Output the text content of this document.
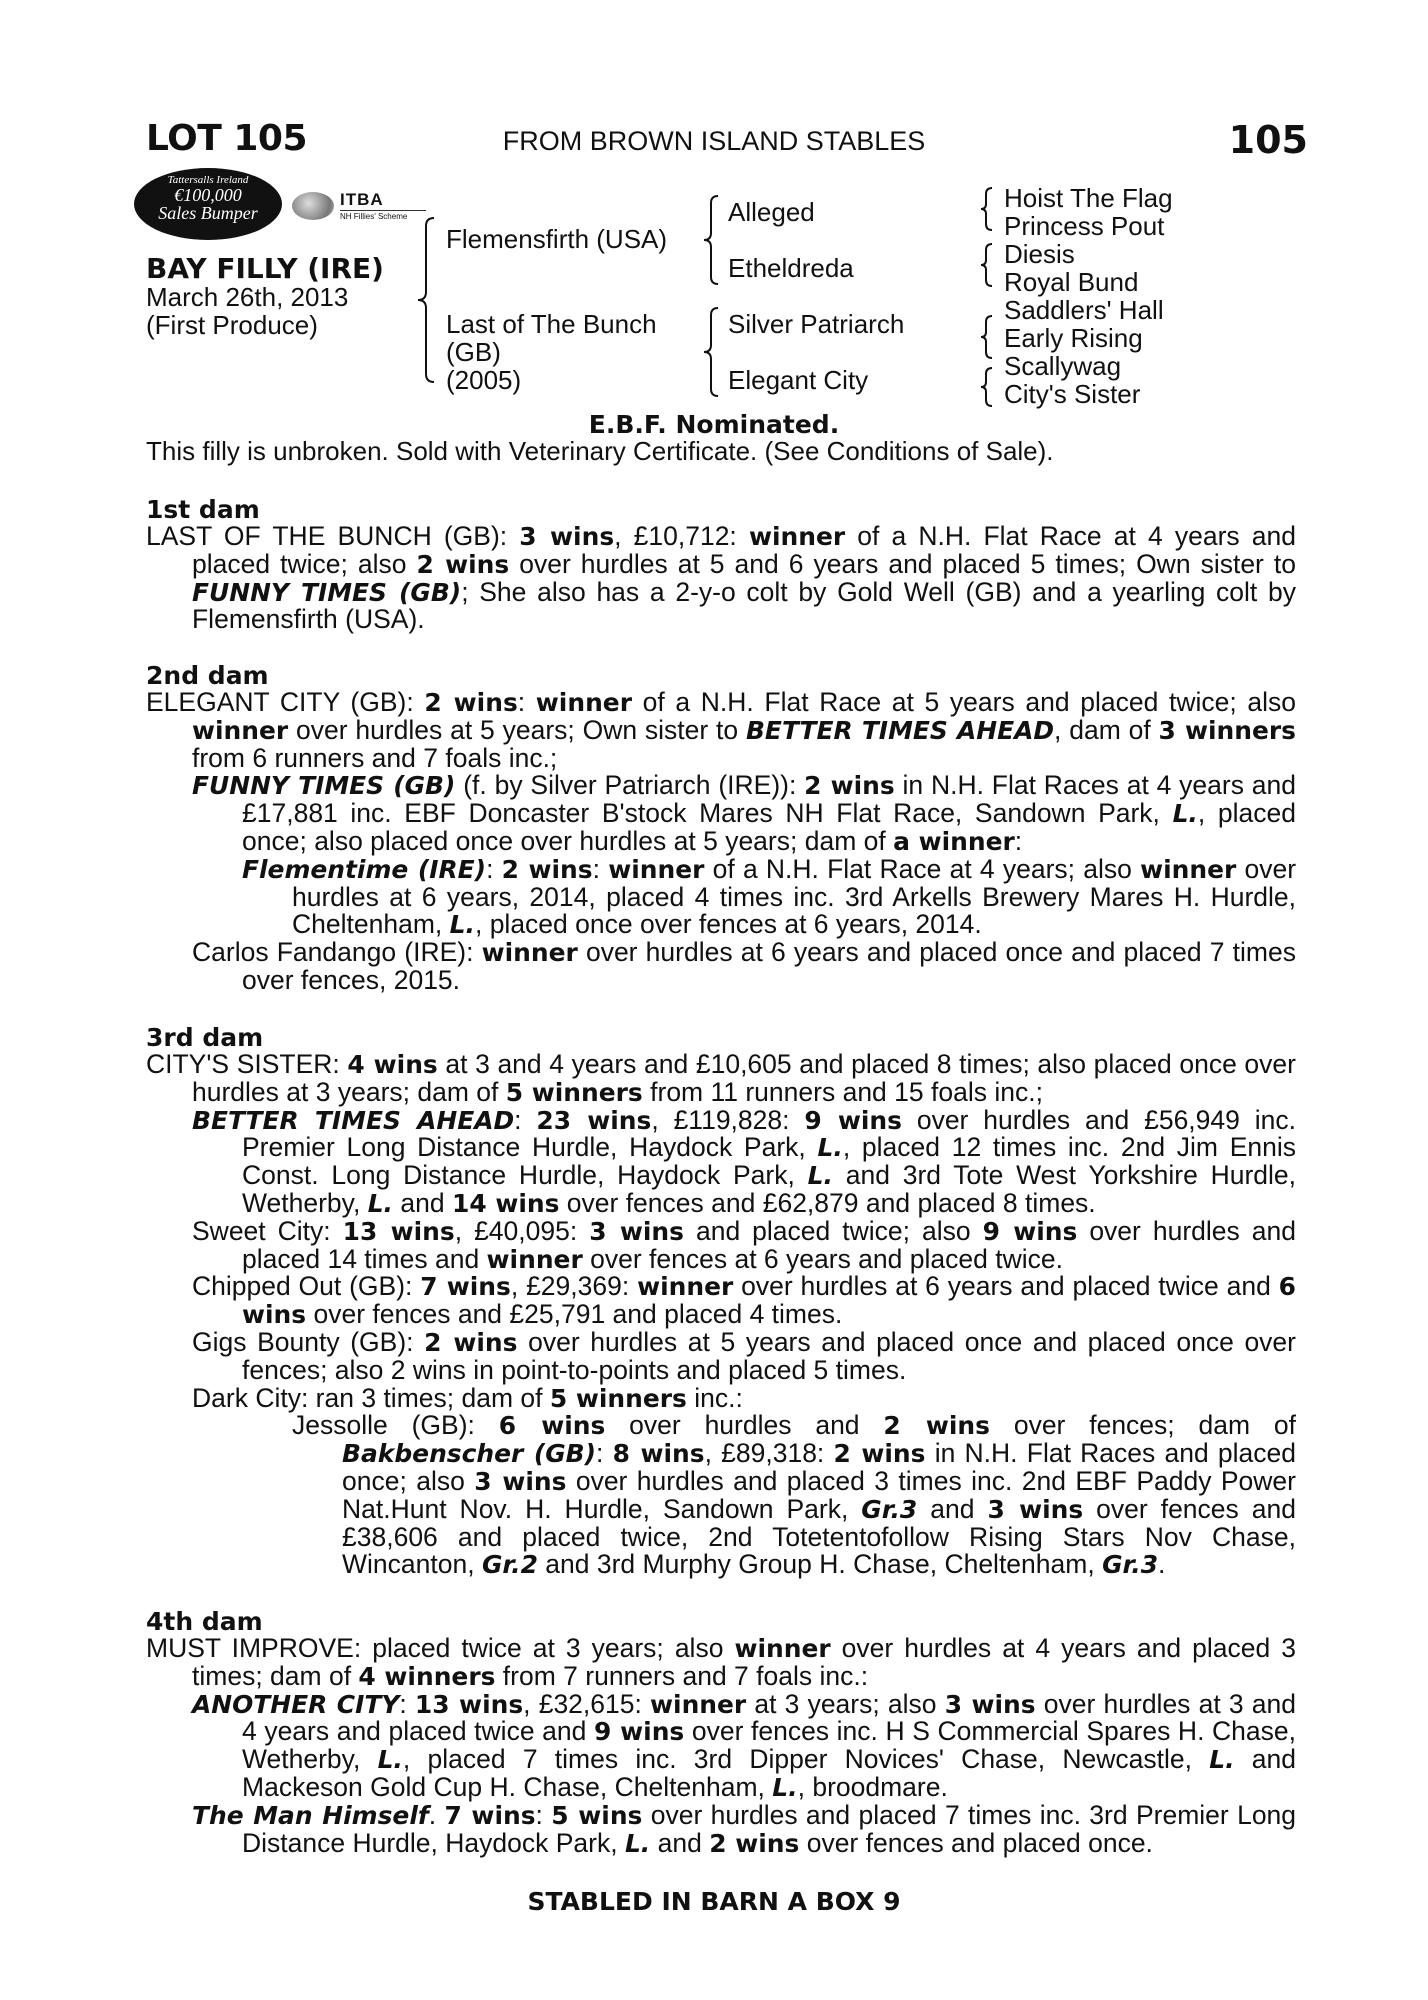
LOT 105	FROM BROWN ISLAND STABLES	105
Tattersalls Ireland
€100,000
Sales Bumper
ITBA
NH Fillies' Scheme
BAY FILLY (IRE)
March 26th, 2013
(First Produce)
Flemensfirth (USA)
Last of The Bunch
(GB)
(2005)
Alleged
Etheldreda
Silver Patriarch
Elegant City
Hoist The Flag
Princess Pout
Diesis
Royal Bund
Saddlers' Hall
Early Rising
Scallywag
City's Sister
E.B.F. Nominated.
This filly is unbroken. Sold with Veterinary Certificate. (See Conditions of Sale).
1st dam

LAST OF THE BUNCH (GB): 3 wins, £10,712: winner of a N.H. Flat Race at 4 years and placed twice; also 2 wins over hurdles at 5 and 6 years and placed 5 times; Own sister to FUNNY TIMES (GB); She also has a 2-y-o colt by Gold Well (GB) and a yearling colt by Flemensfirth (USA).

2nd dam

ELEGANT CITY (GB): 2 wins: winner of a N.H. Flat Race at 5 years and placed twice; also winner over hurdles at 5 years; Own sister to BETTER TIMES AHEAD, dam of 3 winners from 6 runners and 7 foals inc.;

FUNNY TIMES (GB) (f. by Silver Patriarch (IRE)): 2 wins in N.H. Flat Races at 4 years and £17,881 inc. EBF Doncaster B'stock Mares NH Flat Race, Sandown Park, L., placed once; also placed once over hurdles at 5 years; dam of a winner:

Flementime (IRE): 2 wins: winner of a N.H. Flat Race at 4 years; also winner over hurdles at 6 years, 2014, placed 4 times inc. 3rd Arkells Brewery Mares H. Hurdle, Cheltenham, L., placed once over fences at 6 years, 2014.

Carlos Fandango (IRE): winner over hurdles at 6 years and placed once and placed 7 times over fences, 2015.

3rd dam

CITY'S SISTER: 4 wins at 3 and 4 years and £10,605 and placed 8 times; also placed once over hurdles at 3 years; dam of 5 winners from 11 runners and 15 foals inc.;

BETTER TIMES AHEAD: 23 wins, £119,828: 9 wins over hurdles and £56,949 inc. Premier Long Distance Hurdle, Haydock Park, L., placed 12 times inc. 2nd Jim Ennis Const. Long Distance Hurdle, Haydock Park, L. and 3rd Tote West Yorkshire Hurdle, Wetherby, L. and 14 wins over fences and £62,879 and placed 8 times.

Sweet City: 13 wins, £40,095: 3 wins and placed twice; also 9 wins over hurdles and placed 14 times and winner over fences at 6 years and placed twice.

Chipped Out (GB): 7 wins, £29,369: winner over hurdles at 6 years and placed twice and 6 wins over fences and £25,791 and placed 4 times.

Gigs Bounty (GB): 2 wins over hurdles at 5 years and placed once and placed once over fences; also 2 wins in point-to-points and placed 5 times.

Dark City: ran 3 times; dam of 5 winners inc.:

Jessolle (GB): 6 wins over hurdles and 2 wins over fences; dam of

Bakbenscher (GB): 8 wins, £89,318: 2 wins in N.H. Flat Races and placed once; also 3 wins over hurdles and placed 3 times inc. 2nd EBF Paddy Power Nat.Hunt Nov. H. Hurdle, Sandown Park, Gr.3 and 3 wins over fences and £38,606 and placed twice, 2nd Totetentofollow Rising Stars Nov Chase, Wincanton, Gr.2 and 3rd Murphy Group H. Chase, Cheltenham, Gr.3.

4th dam

MUST IMPROVE: placed twice at 3 years; also winner over hurdles at 4 years and placed 3 times; dam of 4 winners from 7 runners and 7 foals inc.:

ANOTHER CITY: 13 wins, £32,615: winner at 3 years; also 3 wins over hurdles at 3 and 4 years and placed twice and 9 wins over fences inc. H S Commercial Spares H. Chase, Wetherby, L., placed 7 times inc. 3rd Dipper Novices' Chase, Newcastle, L. and Mackeson Gold Cup H. Chase, Cheltenham, L., broodmare.

The Man Himself. 7 wins: 5 wins over hurdles and placed 7 times inc. 3rd Premier Long Distance Hurdle, Haydock Park, L. and 2 wins over fences and placed once.

STABLED IN BARN A BOX 9
